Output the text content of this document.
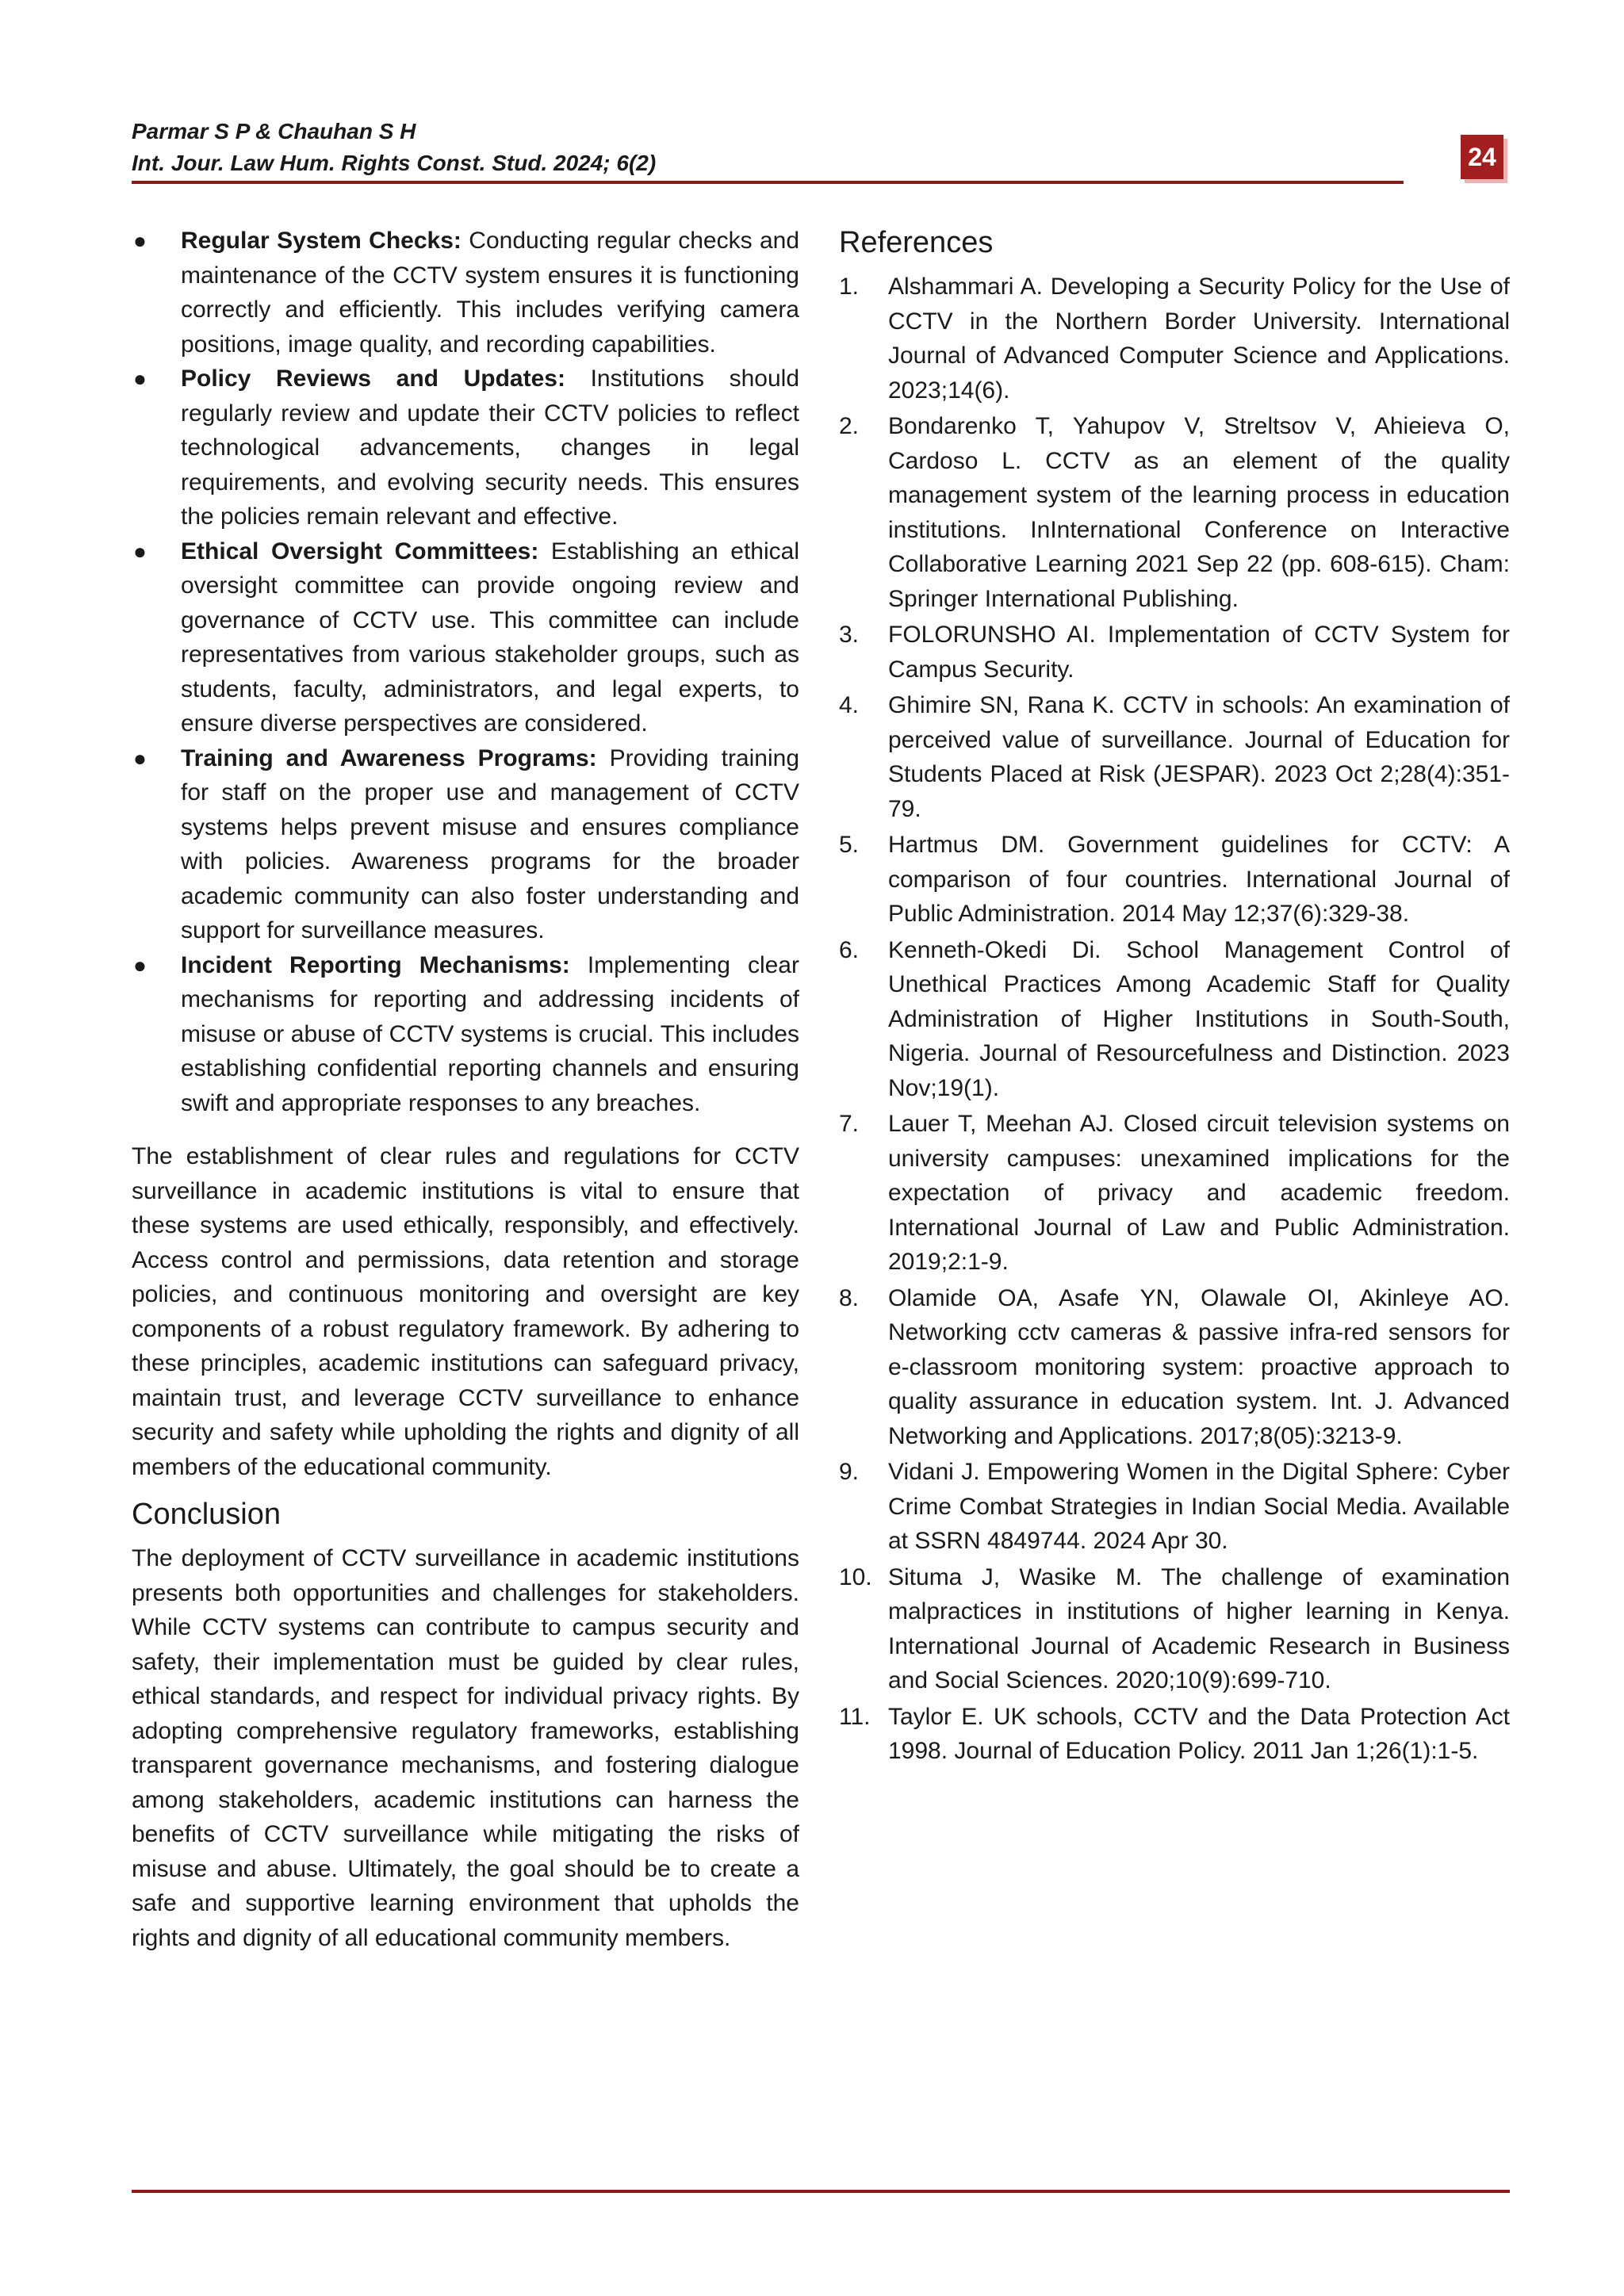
Parmar S P & Chauhan S H
Int. Jour. Law Hum. Rights Const. Stud. 2024; 6(2)	24
● Regular System Checks: Conducting regular checks and maintenance of the CCTV system ensures it is functioning correctly and efficiently. This includes verifying camera positions, image quality, and recording capabilities.
● Policy Reviews and Updates: Institutions should regularly review and update their CCTV policies to reflect technological advancements, changes in legal requirements, and evolving security needs. This ensures the policies remain relevant and effective.
● Ethical Oversight Committees: Establishing an ethical oversight committee can provide ongoing review and governance of CCTV use. This committee can include representatives from various stakeholder groups, such as students, faculty, administrators, and legal experts, to ensure diverse perspectives are considered.
● Training and Awareness Programs: Providing training for staff on the proper use and management of CCTV systems helps prevent misuse and ensures compliance with policies. Awareness programs for the broader academic community can also foster understanding and support for surveillance measures.
● Incident Reporting Mechanisms: Implementing clear mechanisms for reporting and addressing incidents of misuse or abuse of CCTV systems is crucial. This includes establishing confidential reporting channels and ensuring swift and appropriate responses to any breaches.

The establishment of clear rules and regulations for CCTV surveillance in academic institutions is vital to ensure that these systems are used ethically, responsibly, and effectively. Access control and permissions, data retention and storage policies, and continuous monitoring and oversight are key components of a robust regulatory framework. By adhering to these principles, academic institutions can safeguard privacy, maintain trust, and leverage CCTV surveillance to enhance security and safety while upholding the rights and dignity of all members of the educational community.

Conclusion

The deployment of CCTV surveillance in academic institutions presents both opportunities and challenges for stakeholders. While CCTV systems can contribute to campus security and safety, their implementation must be guided by clear rules, ethical standards, and respect for individual privacy rights. By adopting comprehensive regulatory frameworks, establishing transparent governance mechanisms, and fostering dialogue among stakeholders, academic institutions can harness the benefits of CCTV surveillance while mitigating the risks of misuse and abuse. Ultimately, the goal should be to create a safe and supportive learning environment that upholds the rights and dignity of all educational community members.

References
1. Alshammari A. Developing a Security Policy for the Use of CCTV in the Northern Border University. International Journal of Advanced Computer Science and Applications. 2023;14(6).
2. Bondarenko T, Yahupov V, Streltsov V, Ahieieva O, Cardoso L. CCTV as an element of the quality management system of the learning process in education institutions. InInternational Conference on Interactive Collaborative Learning 2021 Sep 22 (pp. 608-615). Cham: Springer International Publishing.
3. FOLORUNSHO AI. Implementation of CCTV System for Campus Security.
4. Ghimire SN, Rana K. CCTV in schools: An examination of perceived value of surveillance. Journal of Education for Students Placed at Risk (JESPAR). 2023 Oct 2;28(4):351-79.
5. Hartmus DM. Government guidelines for CCTV: A comparison of four countries. International Journal of Public Administration. 2014 May 12;37(6):329-38.
6. Kenneth-Okedi Di. School Management Control of Unethical Practices Among Academic Staff for Quality Administration of Higher Institutions in South-South, Nigeria. Journal of Resourcefulness and Distinction. 2023 Nov;19(1).
7. Lauer T, Meehan AJ. Closed circuit television systems on university campuses: unexamined implications for the expectation of privacy and academic freedom. International Journal of Law and Public Administration. 2019;2:1-9.
8. Olamide OA, Asafe YN, Olawale OI, Akinleye AO. Networking cctv cameras & passive infra-red sensors for e-classroom monitoring system: proactive approach to quality assurance in education system. Int. J. Advanced Networking and Applications. 2017;8(05):3213-9.
9. Vidani J. Empowering Women in the Digital Sphere: Cyber Crime Combat Strategies in Indian Social Media. Available at SSRN 4849744. 2024 Apr 30.
10. Situma J, Wasike M. The challenge of examination malpractices in institutions of higher learning in Kenya. International Journal of Academic Research in Business and Social Sciences. 2020;10(9):699-710.
11. Taylor E. UK schools, CCTV and the Data Protection Act 1998. Journal of Education Policy. 2011 Jan 1;26(1):1-5.
